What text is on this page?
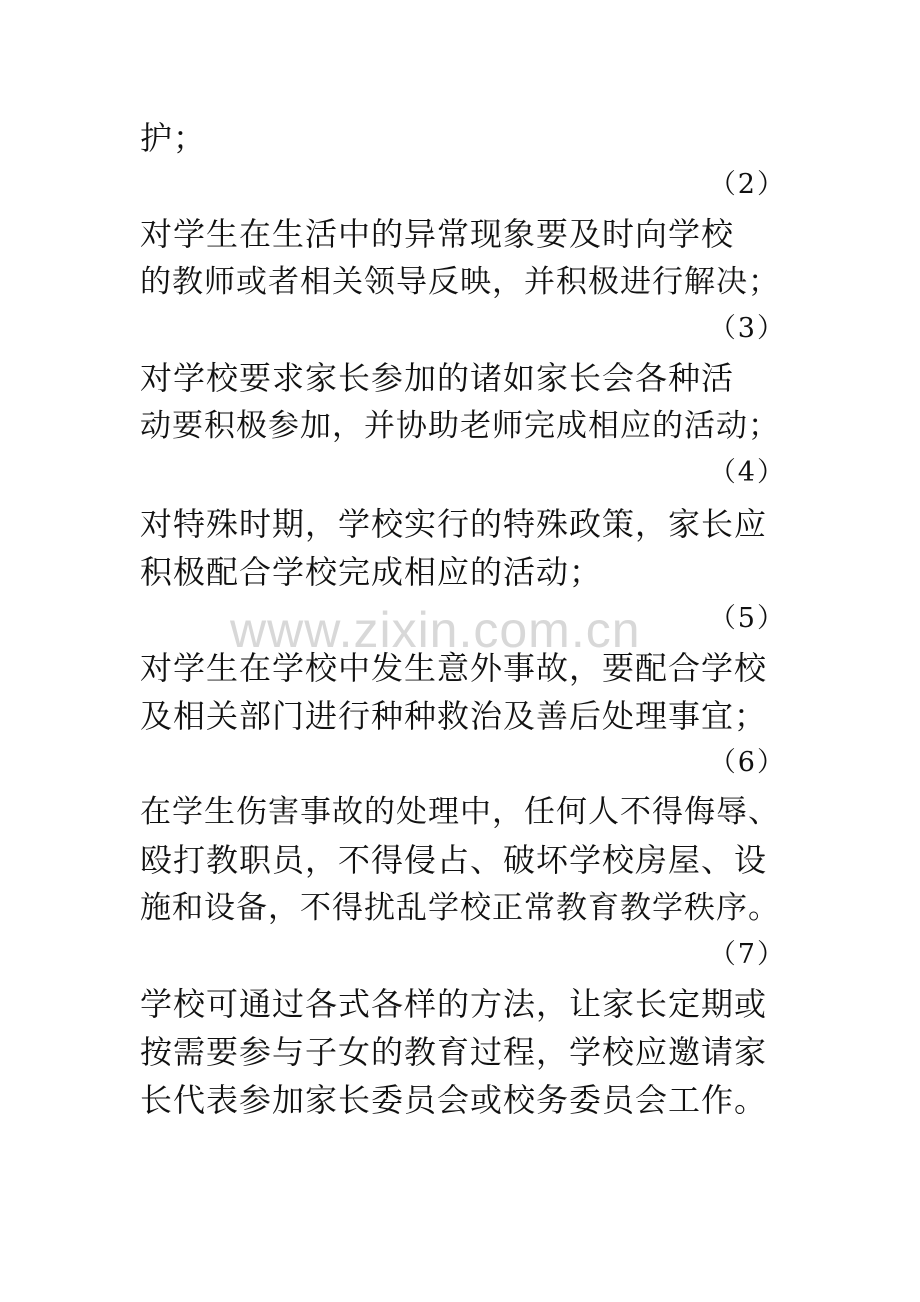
www.zixin.com.cn
护；
（2）
对学生在生活中的异常现象要及时向学校
的教师或者相关领导反映，并积极进行解决；
（3）
对学校要求家长参加的诸如家长会各种活
动要积极参加，并协助老师完成相应的活动；
（4）
对特殊时期，学校实行的特殊政策，家长应
积极配合学校完成相应的活动；
（5）
对学生在学校中发生意外事故，要配合学校
及相关部门进行种种救治及善后处理事宜；
（6）
在学生伤害事故的处理中，任何人不得侮辱、
殴打教职员，不得侵占、破坏学校房屋、设
施和设备，不得扰乱学校正常教育教学秩序。
（7）
学校可通过各式各样的方法，让家长定期或
按需要参与子女的教育过程，学校应邀请家
长代表参加家长委员会或校务委员会工作。
